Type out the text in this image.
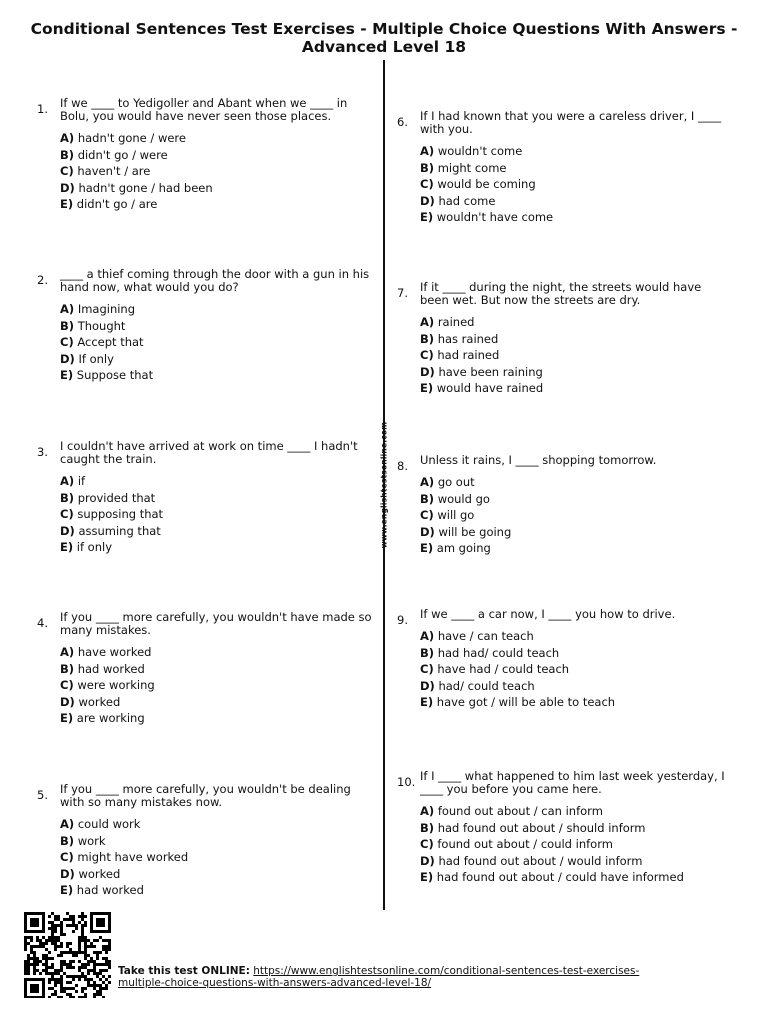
Conditional Sentences Test Exercises - Multiple Choice Questions With Answers -
Advanced Level 18
www.englishtestsonline.com
1. If we ____ to Yedigoller and Abant when we ____ in
Bolu, you would have never seen those places.
A) hadn't gone / were
B) didn't go / were
C) haven't / are
D) hadn't gone / had been
E) didn't go / are
2. ____ a thief coming through the door with a gun in his
hand now, what would you do?
A) Imagining
B) Thought
C) Accept that
D) If only
E) Suppose that
3. I couldn't have arrived at work on time ____ I hadn't
caught the train.
A) if
B) provided that
C) supposing that
D) assuming that
E) if only
4. If you ____ more carefully, you wouldn't have made so
many mistakes.
A) have worked
B) had worked
C) were working
D) worked
E) are working
5. If you ____ more carefully, you wouldn't be dealing
with so many mistakes now.
A) could work
B) work
C) might have worked
D) worked
E) had worked
6. If I had known that you were a careless driver, I ____
with you.
A) wouldn't come
B) might come
C) would be coming
D) had come
E) wouldn't have come
7. If it ____ during the night, the streets would have
been wet. But now the streets are dry.
A) rained
B) has rained
C) had rained
D) have been raining
E) would have rained
8. Unless it rains, I ____ shopping tomorrow.
A) go out
B) would go
C) will go
D) will be going
E) am going
9. If we ____ a car now, I ____ you how to drive.
A) have / can teach
B) had had/ could teach
C) have had / could teach
D) had/ could teach
E) have got / will be able to teach
10. If I ____ what happened to him last week yesterday, I
____ you before you came here.
A) found out about / can inform
B) had found out about / should inform
C) found out about / could inform
D) had found out about / would inform
E) had found out about / could have informed
Take this test ONLINE: https://www.englishtestsonline.com/conditional-sentences-test-exercises-
multiple-choice-questions-with-answers-advanced-level-18/
